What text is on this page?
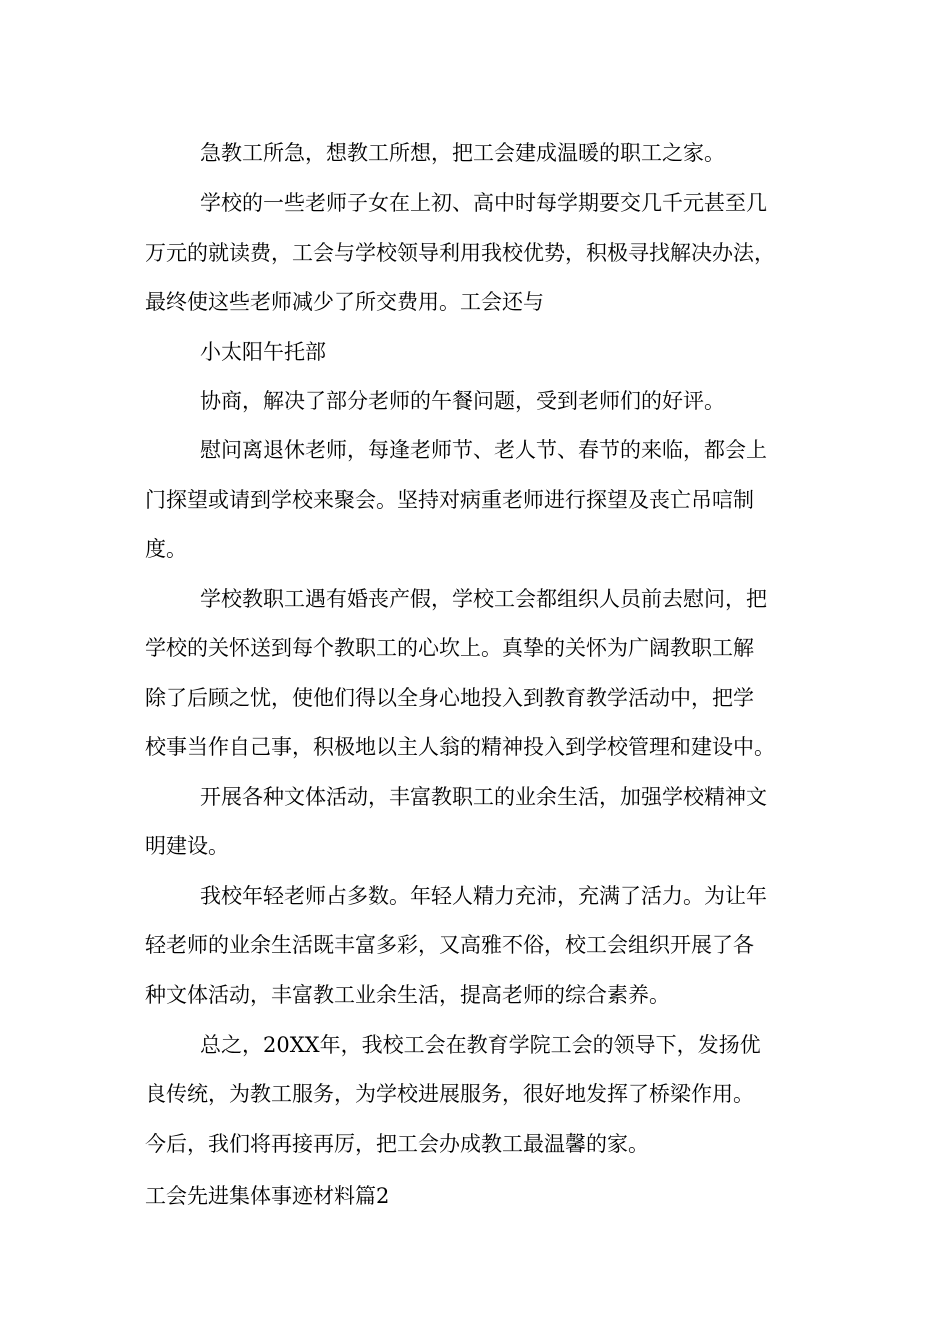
急教工所急，想教工所想，把工会建成温暖的职工之家。
学校的一些老师子女在上初、高中时每学期要交几千元甚至几
万元的就读费，工会与学校领导利用我校优势，积极寻找解决办法，
最终使这些老师减少了所交费用。工会还与
小太阳午托部
协商，解决了部分老师的午餐问题，受到老师们的好评。
慰问离退休老师，每逢老师节、老人节、春节的来临，都会上
门探望或请到学校来聚会。坚持对病重老师进行探望及丧亡吊唁制
度。
学校教职工遇有婚丧产假，学校工会都组织人员前去慰问，把
学校的关怀送到每个教职工的心坎上。真挚的关怀为广阔教职工解
除了后顾之忧，使他们得以全身心地投入到教育教学活动中，把学
校事当作自己事，积极地以主人翁的精神投入到学校管理和建设中。
开展各种文体活动，丰富教职工的业余生活，加强学校精神文
明建设。
我校年轻老师占多数。年轻人精力充沛，充满了活力。为让年
轻老师的业余生活既丰富多彩，又高雅不俗，校工会组织开展了各
种文体活动，丰富教工业余生活，提高老师的综合素养。
总之，20XX年，我校工会在教育学院工会的领导下，发扬优
良传统，为教工服务，为学校进展服务，很好地发挥了桥梁作用。
今后，我们将再接再厉，把工会办成教工最温馨的家。
工会先进集体事迹材料篇2
